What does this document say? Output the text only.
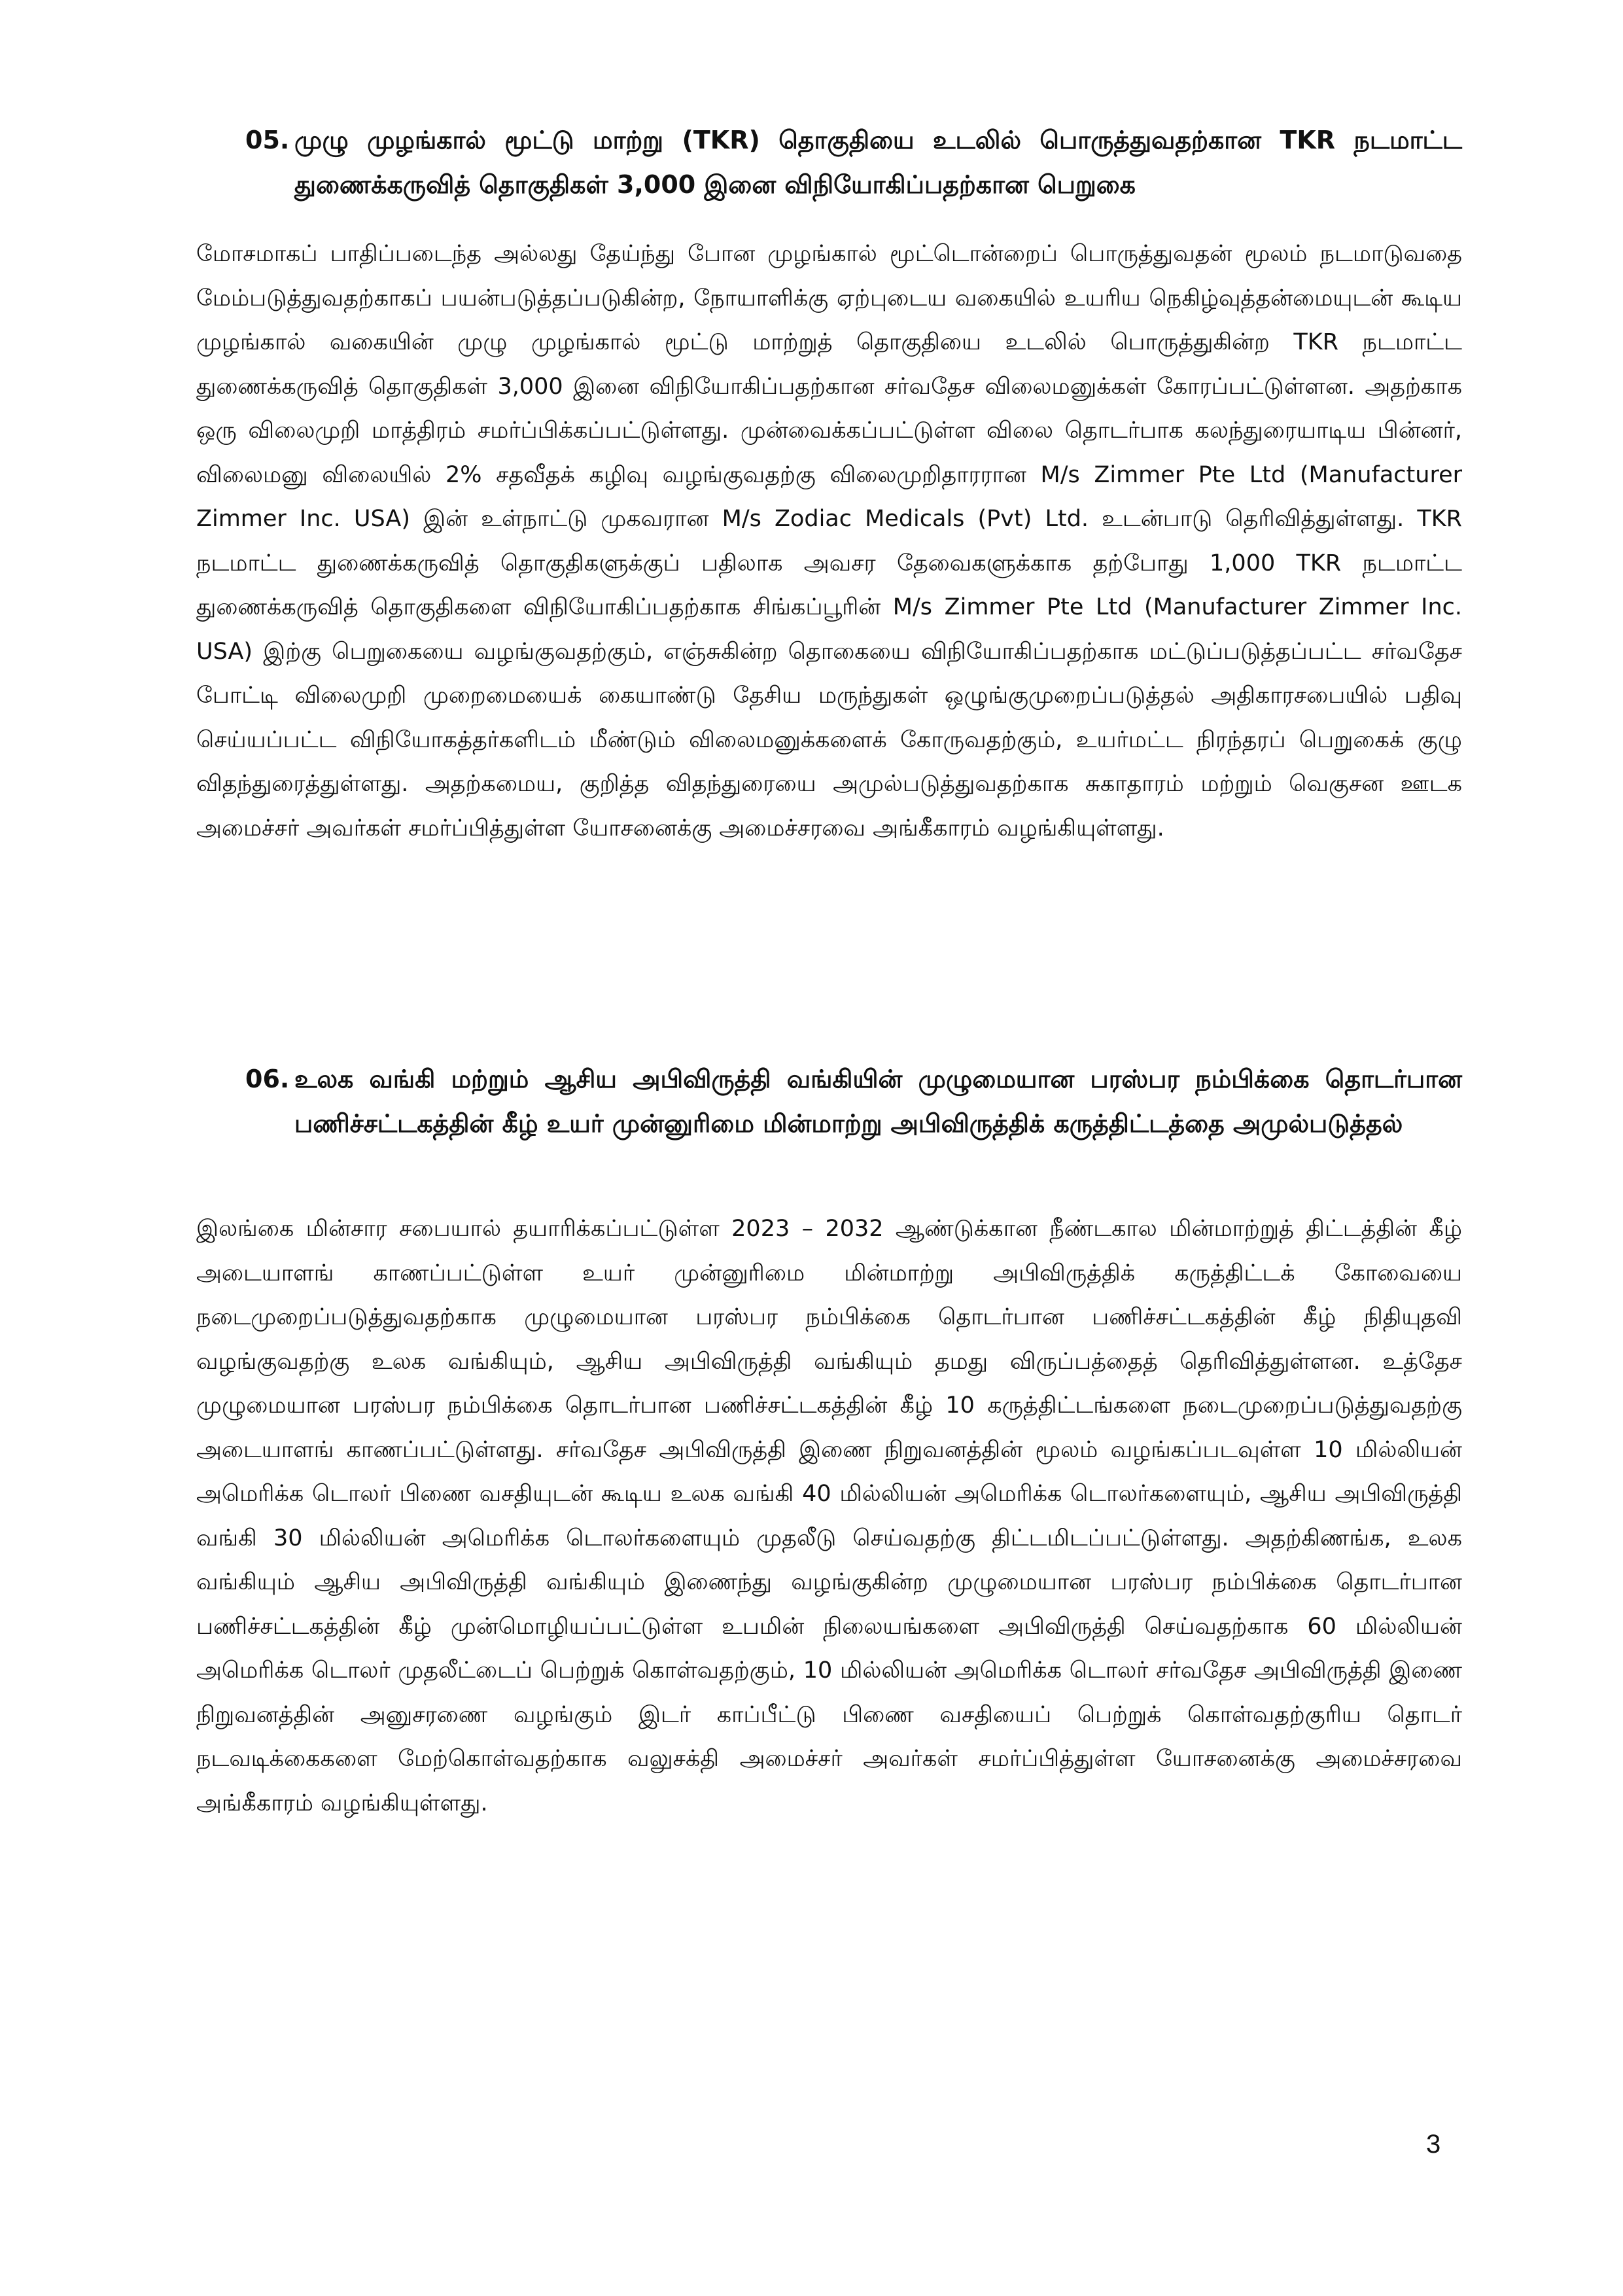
05. முழு முழங்கால் மூட்டு மாற்று (TKR) தொகுதியை உடலில் பொருத்துவதற்கான TKR நடமாட்ட துணைக்கருவித் தொகுதிகள் 3,000 இனை விநியோகிப்பதற்கான பெறுகை
மோசமாகப் பாதிப்படைந்த அல்லது தேய்ந்து போன முழங்கால் மூட்டொன்றைப் பொருத்துவதன் மூலம் நடமாடுவதை மேம்படுத்துவதற்காகப் பயன்படுத்தப்படுகின்ற, நோயாளிக்கு ஏற்புடைய வகையில் உயரிய நெகிழ்வுத்தன்மையுடன் கூடிய முழங்கால் வகையின் முழு முழங்கால் மூட்டு மாற்றுத் தொகுதியை உடலில் பொருத்துகின்ற TKR நடமாட்ட துணைக்கருவித் தொகுதிகள் 3,000 இனை விநியோகிப்பதற்கான சர்வதேச விலைமனுக்கள் கோரப்பட்டுள்ளன. அதற்காக ஒரு விலைமுறி மாத்திரம் சமர்ப்பிக்கப்பட்டுள்ளது. முன்வைக்கப்பட்டுள்ள விலை தொடர்பாக கலந்துரையாடிய பின்னர், விலைமனு விலையில் 2% சதவீதக் கழிவு வழங்குவதற்கு விலைமுறிதாரரான M/s Zimmer Pte Ltd (Manufacturer Zimmer Inc. USA) இன் உள்நாட்டு முகவரான M/s Zodiac Medicals (Pvt) Ltd. உடன்பாடு தெரிவித்துள்ளது. TKR நடமாட்ட துணைக்கருவித் தொகுதிகளுக்குப் பதிலாக அவசர தேவைகளுக்காக தற்போது 1,000 TKR நடமாட்ட துணைக்கருவித் தொகுதிகளை விநியோகிப்பதற்காக சிங்கப்பூரின் M/s Zimmer Pte Ltd (Manufacturer Zimmer Inc. USA) இற்கு பெறுகையை வழங்குவதற்கும், எஞ்சுகின்ற தொகையை விநியோகிப்பதற்காக மட்டுப்படுத்தப்பட்ட சர்வதேச போட்டி விலைமுறி முறைமையைக் கையாண்டு தேசிய மருந்துகள் ஒழுங்குமுறைப்படுத்தல் அதிகாரசபையில் பதிவு செய்யப்பட்ட விநியோகத்தர்களிடம் மீண்டும் விலைமனுக்களைக் கோருவதற்கும், உயர்மட்ட நிரந்தரப் பெறுகைக் குழு விதந்துரைத்துள்ளது. அதற்கமைய, குறித்த விதந்துரையை அமுல்படுத்துவதற்காக சுகாதாரம் மற்றும் வெகுசன ஊடக அமைச்சர் அவர்கள் சமர்ப்பித்துள்ள யோசனைக்கு அமைச்சரவை அங்கீகாரம் வழங்கியுள்ளது.
06. உலக வங்கி மற்றும் ஆசிய அபிவிருத்தி வங்கியின் முழுமையான பரஸ்பர நம்பிக்கை தொடர்பான பணிச்சட்டகத்தின் கீழ் உயர் முன்னுரிமை மின்மாற்று அபிவிருத்திக் கருத்திட்டத்தை அமுல்படுத்தல்
இலங்கை மின்சார சபையால் தயாரிக்கப்பட்டுள்ள 2023 – 2032 ஆண்டுக்கான நீண்டகால மின்மாற்றுத் திட்டத்தின் கீழ் அடையாளங் காணப்பட்டுள்ள உயர் முன்னுரிமை மின்மாற்று அபிவிருத்திக் கருத்திட்டக் கோவையை நடைமுறைப்படுத்துவதற்காக முழுமையான பரஸ்பர நம்பிக்கை தொடர்பான பணிச்சட்டகத்தின் கீழ் நிதியுதவி வழங்குவதற்கு உலக வங்கியும், ஆசிய அபிவிருத்தி வங்கியும் தமது விருப்பத்தைத் தெரிவித்துள்ளன. உத்தேச முழுமையான பரஸ்பர நம்பிக்கை தொடர்பான பணிச்சட்டகத்தின் கீழ் 10 கருத்திட்டங்களை நடைமுறைப்படுத்துவதற்கு அடையாளங் காணப்பட்டுள்ளது. சர்வதேச அபிவிருத்தி இணை நிறுவனத்தின் மூலம் வழங்கப்படவுள்ள 10 மில்லியன் அமெரிக்க டொலர் பிணை வசதியுடன் கூடிய உலக வங்கி 40 மில்லியன் அமெரிக்க டொலர்களையும், ஆசிய அபிவிருத்தி வங்கி 30 மில்லியன் அமெரிக்க டொலர்களையும் முதலீடு செய்வதற்கு திட்டமிடப்பட்டுள்ளது. அதற்கிணங்க, உலக வங்கியும் ஆசிய அபிவிருத்தி வங்கியும் இணைந்து வழங்குகின்ற முழுமையான பரஸ்பர நம்பிக்கை தொடர்பான பணிச்சட்டகத்தின் கீழ் முன்மொழியப்பட்டுள்ள உபமின் நிலையங்களை அபிவிருத்தி செய்வதற்காக 60 மில்லியன் அமெரிக்க டொலர் முதலீட்டைப் பெற்றுக் கொள்வதற்கும், 10 மில்லியன் அமெரிக்க டொலர் சர்வதேச அபிவிருத்தி இணை நிறுவனத்தின் அனுசரணை வழங்கும் இடர் காப்பீட்டு பிணை வசதியைப் பெற்றுக் கொள்வதற்குரிய தொடர் நடவடிக்கைகளை மேற்கொள்வதற்காக வலுசக்தி அமைச்சர் அவர்கள் சமர்ப்பித்துள்ள யோசனைக்கு அமைச்சரவை அங்கீகாரம் வழங்கியுள்ளது.
3
